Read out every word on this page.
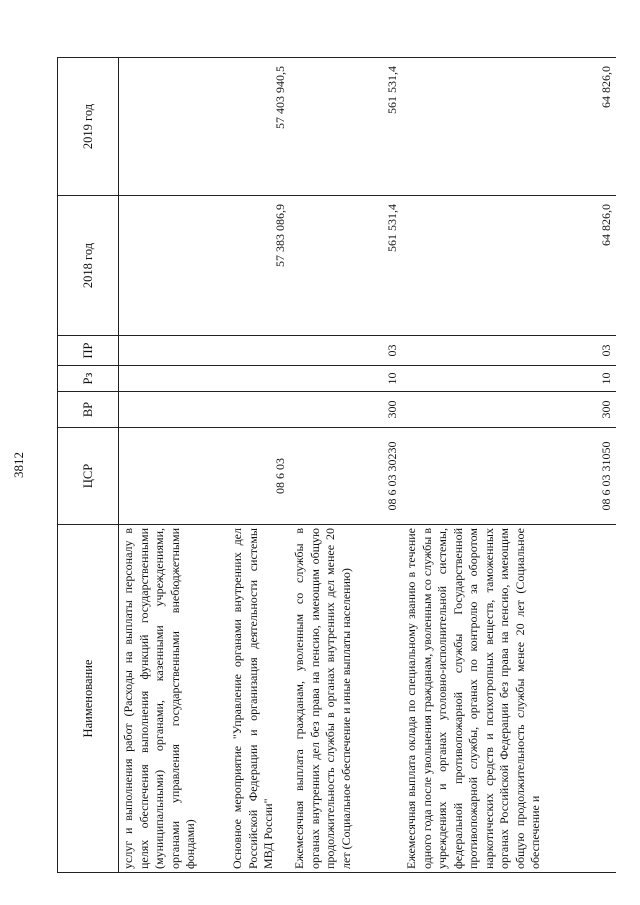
3812
Наименование	ЦСР	ВР	Рз	ПР	2018 год	2019 год
услуг и выполнения работ (Расходы на выплаты персоналу в целях обеспечения выполнения функций государственными (муниципальными) органами, казенными учреждениями, органами управления государственными внебюджетными фондами)						
Основное мероприятие "Управление органами внутренних дел Российской Федерации и организация деятельности системы МВД России"	08 6 03				57 383 086,9	57 403 940,5
Ежемесячная выплата гражданам, уволенным со службы в органах внутренних дел без права на пенсию, имеющим общую продолжительность службы в органах внутренних дел менее 20 лет (Социальное обеспечение и иные выплаты населению)	08 6 03 30230	300	10	03	561 531,4	561 531,4
Ежемесячная выплата оклада по специальному званию в течение одного года после увольнения гражданам, уволенным со службы в учреждениях и органах уголовно-исполнительной системы, федеральной противопожарной службы Государственной противопожарной службы, органах по контролю за оборотом наркотических средств и психотропных веществ, таможенных органах Российской Федерации без права на пенсию, имеющим общую продолжительность службы менее 20 лет (Социальное обеспечение и	08 6 03 31050	300	10	03	64 826,0	64 826,0
